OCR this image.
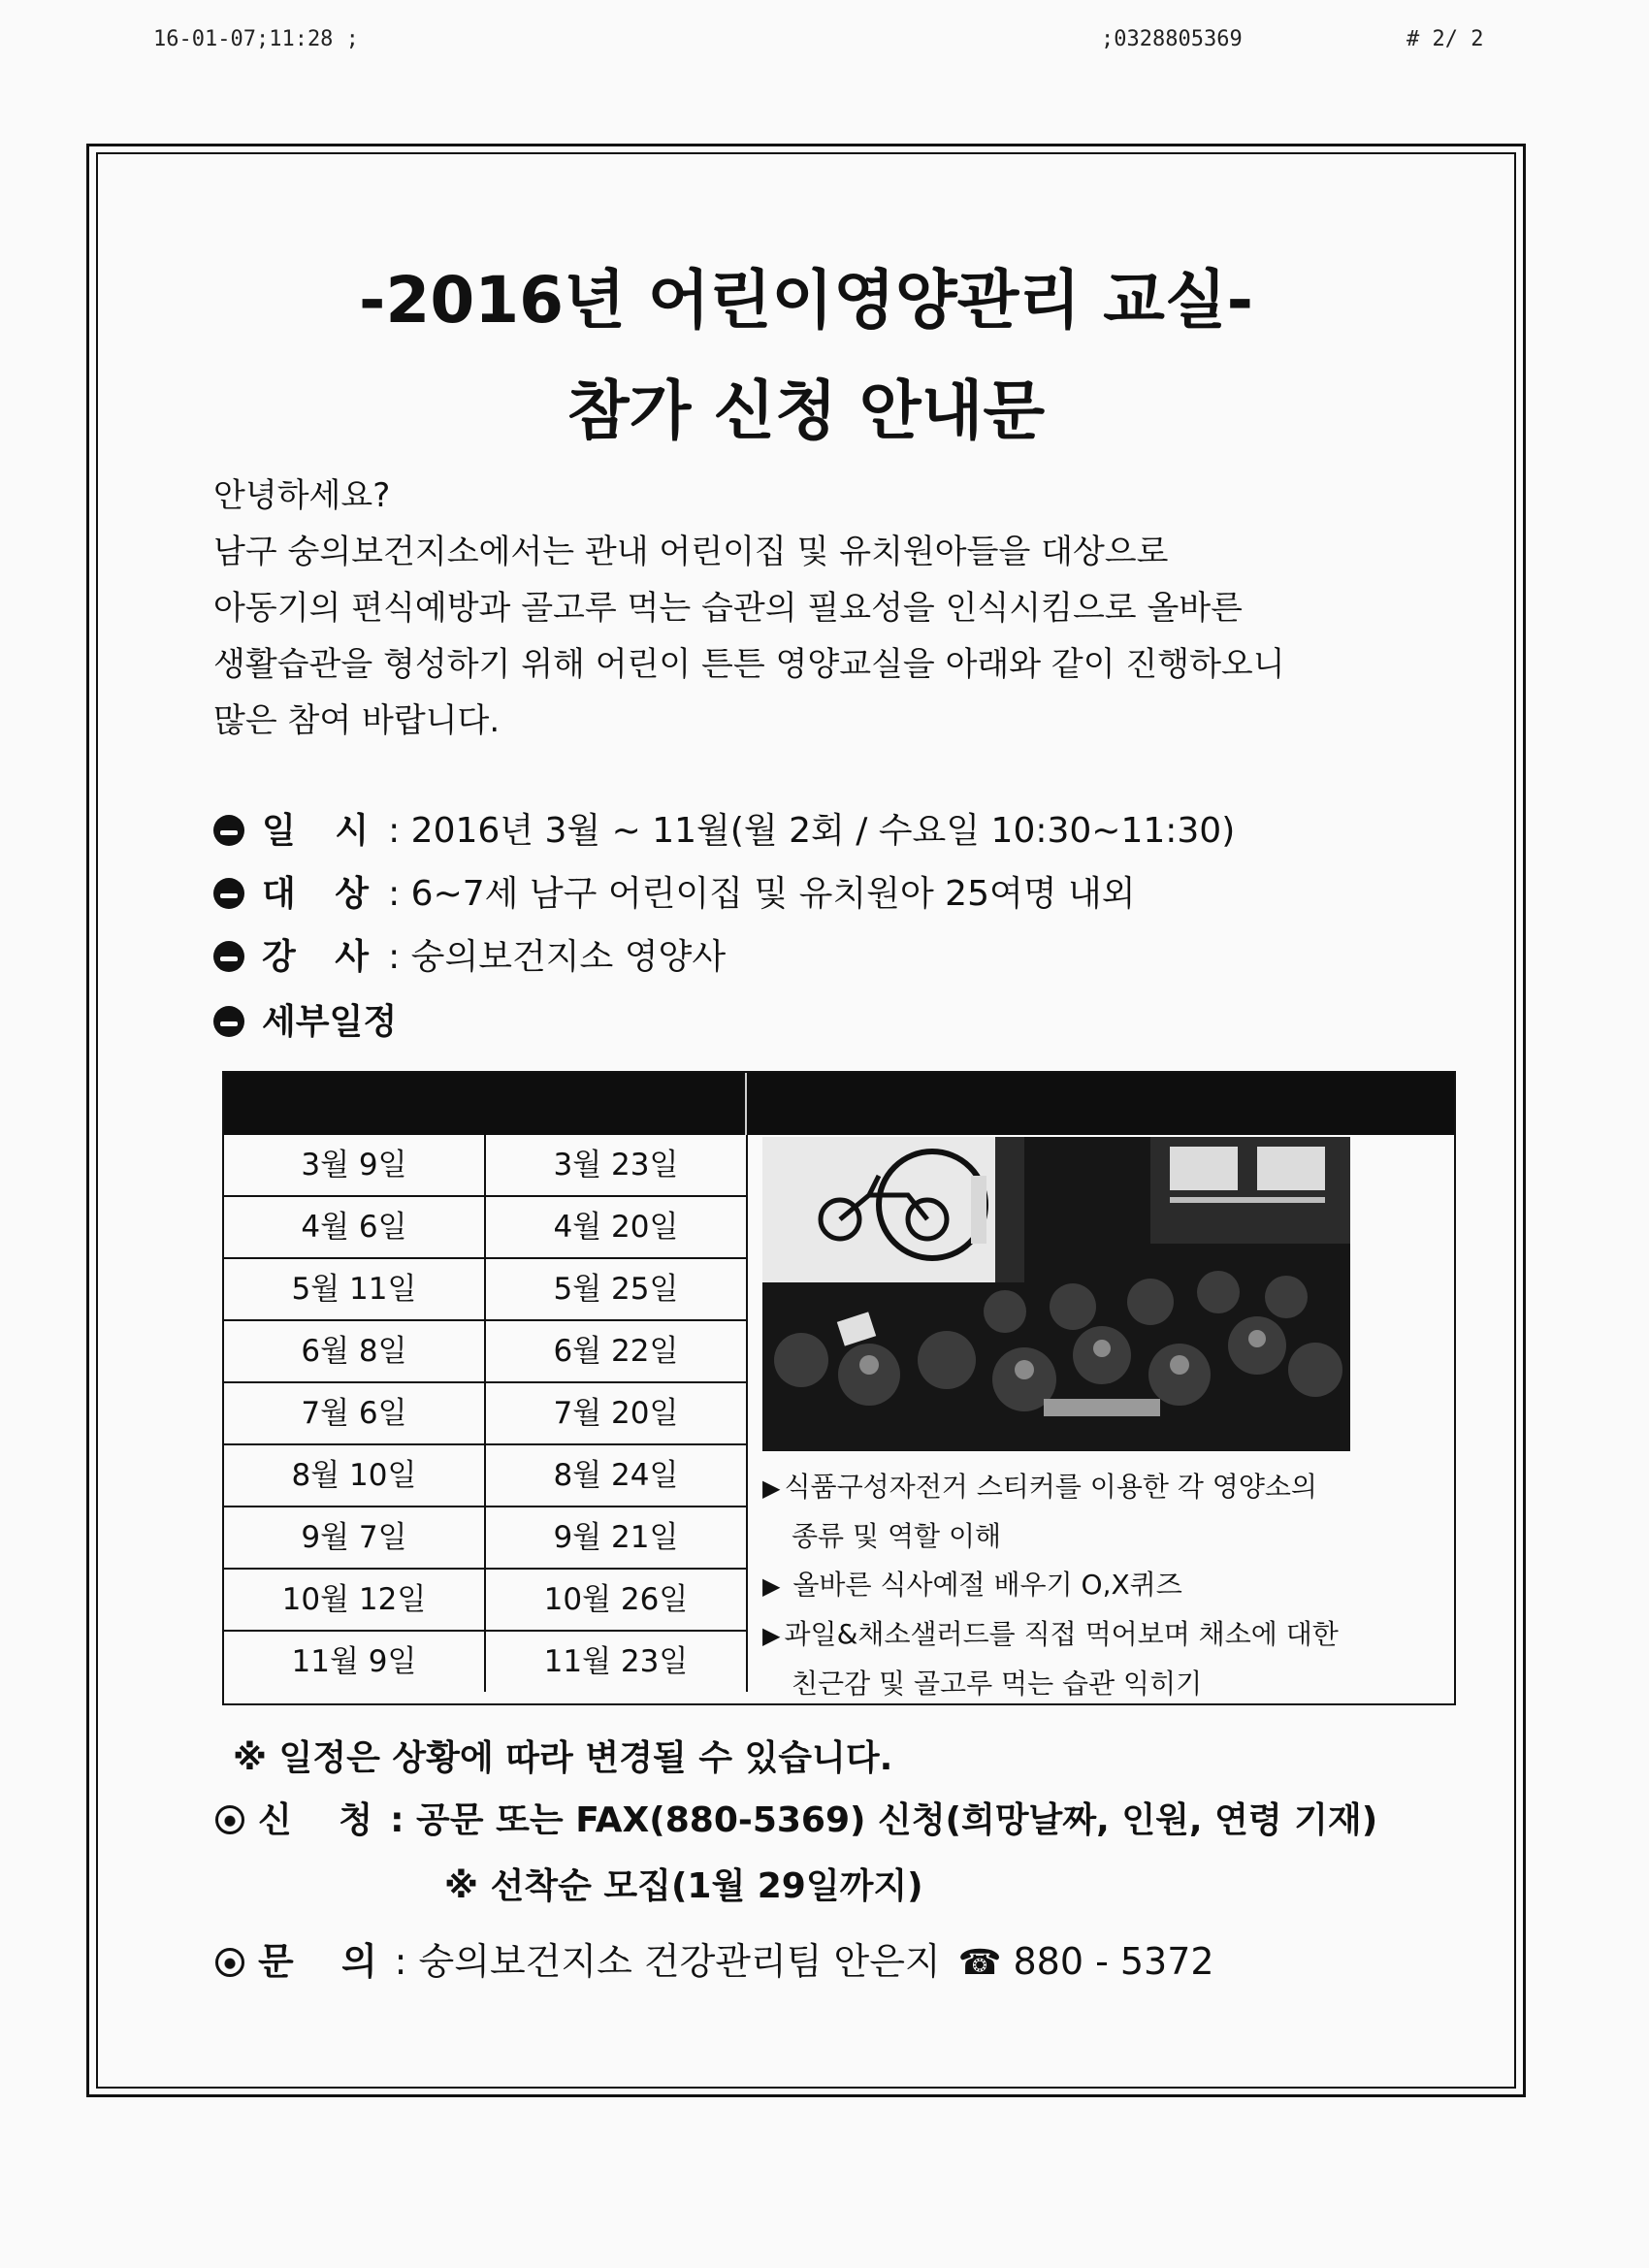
16-01-07;11:28 ;	;0328805369	# 2/ 2
-2016년 어린이영양관리 교실-
참가 신청 안내문
안녕하세요?
남구 숭의보건지소에서는 관내 어린이집 및 유치원아들을 대상으로
아동기의 편식예방과 골고루 먹는 습관의 필요성을 인식시킴으로 올바른
생활습관을 형성하기 위해 어린이 튼튼 영양교실을 아래와 같이 진행하오니
많은 참여 바랍니다.
일 시 : 2016년 3월 ~ 11월(월 2회 / 수요일 10:30~11:30)
대 상 : 6~7세 남구 어린이집 및 유치원아 25여명 내외
강 사 : 숭의보건지소 영양사
세부일정
3월 9일	3월 23일
4월 6일	4월 20일
5월 11일	5월 25일
6월 8일	6월 22일
7월 6일	7월 20일
8월 10일	8월 24일
9월 7일	9월 21일
10월 12일	10월 26일
11월 9일	11월 23일
▶ 식품구성자전거 스티커를 이용한 각 영양소의
종류 및 역할 이해
▶ 올바른 식사예절 배우기 O,X퀴즈
▶ 과일&채소샐러드를 직접 먹어보며 채소에 대한
친근감 및 골고루 먹는 습관 익히기
※ 일정은 상황에 따라 변경될 수 있습니다.
신 청: 공문 또는 FAX(880-5369) 신청(희망날짜, 인원, 연령 기재)
※ 선착순 모집(1월 29일까지)
문 의: 숭의보건지소 건강관리팀 안은지 ☎ 880 - 5372
